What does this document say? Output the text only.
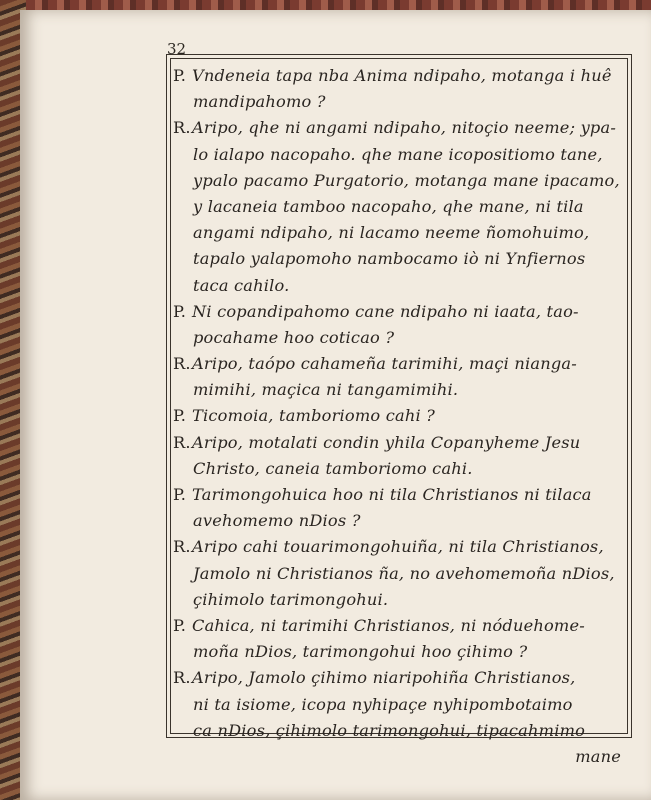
32
P. Vndeneia tapa nba Anima ndipaho, motanga i huê
mandipahomo ?
R.Aripo, qhe ni angami ndipaho, nitoçio neeme; ypa-
lo ialapo nacopaho. qhe mane icopositiomo tane,
ypalo pacamo Purgatorio, motanga mane ipacamo,
y lacaneia tamboo nacopaho, qhe mane, ni tila
angami ndipaho, ni lacamo neeme ñomohuimo,
tapalo yalapomoho nambocamo iò ni Ynfiernos
taca cahilo.
P. Ni copandipahomo cane ndipaho ni iaata, tao-
pocahame hoo coticao ?
R.Aripo, taópo cahameña tarimihi, maçi nianga-
mimihi, maçica ni tangamimihi.
P. Ticomoia, tamboriomo cahi ?
R.Aripo, motalati condin yhila Copanyheme Jesu
Christo, caneia tamboriomo cahi.
P. Tarimongohuica hoo ni tila Christianos ni tilaca
avehomemo nDios ?
R.Aripo cahi touarimongohuiña, ni tila Christianos,
Jamolo ni Christianos ña, no avehomemoña nDios,
çihimolo tarimongohui.
P. Cahica, ni tarimihi Christianos, ni nóduehome-
moña nDios, tarimongohui hoo çihimo ?
R.Aripo, Jamolo çihimo niaripohiña Christianos,
ni ta isiome, icopa nyhipaçe nyhipombotaimo
ca nDios, çihimolo tarimongohui, tipacahmimo
mane
